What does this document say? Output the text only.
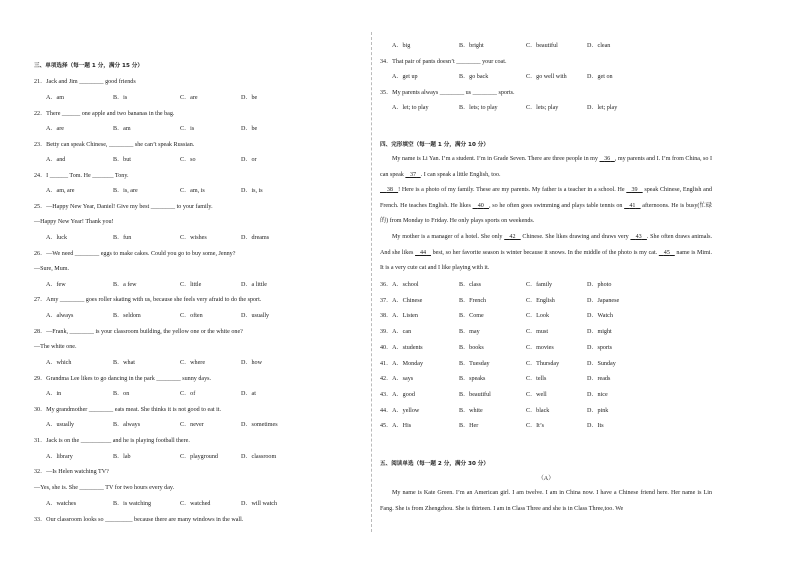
三、单项选择（每一题 1 分，满分 15 分）
21．Jack and Jim ________ good friends
A．am	B．is	C．are	D．be
22．There ______ one apple and two bananas in the bag.
A．are	B．am	C．is	D．be
23．Betty can speak Chinese, ________ she can’t speak Russian.
A．and	B．but	C．so	D．or
24．I ______ Tom. He _______ Tony.
A．am, are	B．is, are	C．am, is	D．is, is
25．—Happy New Year, Daniel! Give my best ________ to your family.
—Happy New Year! Thank you!
A．luck	B．fun	C．wishes	D．dreams
26．—We need ________ eggs to make cakes. Could you go to buy some, Jenny?
—Sure, Mum.
A．few	B．a few	C．little	D．a little
27．Amy ________ goes roller skating with us, because she feels very afraid to do the sport.
A．always	B．seldom	C．often	D．usually
28．—Frank, ________ is your classroom building, the yellow one or the white one?
—The white one.
A．which	B．what	C．where	D．how
29．Grandma Lee likes to go dancing in the park ________ sunny days.
A．in	B．on	C．of	D．at
30．My grandmother ________ eats meat. She thinks it is not good to eat it.
A．usually	B．always	C．never	D．sometimes
31．Jack is on the __________ and he is playing football there.
A．library	B．lab	C．playground	D．classroom
32．—Is Helen watching TV?
—Yes, she is. She ________ TV for two hours every day.
A．watches	B．is watching	C．watched	D．will watch
33．Our classroom looks so _________ because there are many windows in the wall.
A．big	B．bright	C．beautiful	D．clean
34．That pair of pants doesn’t ________ your coat.
A．get up	B．go back	C．go well with	D．get on
35．My parents always ________ us ________ sports.
A．let; to play	B．lets; to play	C．lets; play	D．let; play
四、完形填空（每一题 1 分，满分 10 分）
My name is Li Yan. I’m a student. I’m in Grade Seven. There are three people in my    36 , my parents and I. I’m from China, so I can speak    37 . I can speak a little English, too.
38 ! Here is a photo of my family. These are my parents. My father is a teacher in a school. He    39    speak Chinese, English and French. He teaches English. He likes    40 , so he often goes swimming and plays table tennis on    41    afternoons. He is busy(忙碌的) from Monday to Friday. He only plays sports on weekends.
My mother is a manager of a hotel. She only    42    Chinese. She likes drawing and draws very    43 . She often draws animals. And she likes    44    best, so her favorite season is winter because it snows. In the middle of the photo is my cat.    45    name is Mimi. It is a very cute cat and I like playing with it.
36．A．school	B．class	C．family	D．photo
37．A．Chinese	B．French	C．English	D．Japanese
38．A．Listen	B．Come	C．Look	D．Watch
39．A．can	B．may	C．must	D．might
40．A．students	B．books	C．movies	D．sports
41．A．Monday	B．Tuesday	C．Thursday	D．Sunday
42．A．says	B．speaks	C．tells	D．reads
43．A．good	B．beautiful	C．well	D．nice
44．A．yellow	B．white	C．black	D．pink
45．A．His	B．Her	C．It’s	D．Its
五、阅读单选（每一题 2 分，满分 30 分）
（A）
My name is Kate Green. I’m an American girl. I am twelve. I am in China now. I have a Chinese friend here. Her name is Lin Fang. She is from Zhengzhou. She is thirteen. I am in Class Three and she is in Class Three,too. We
